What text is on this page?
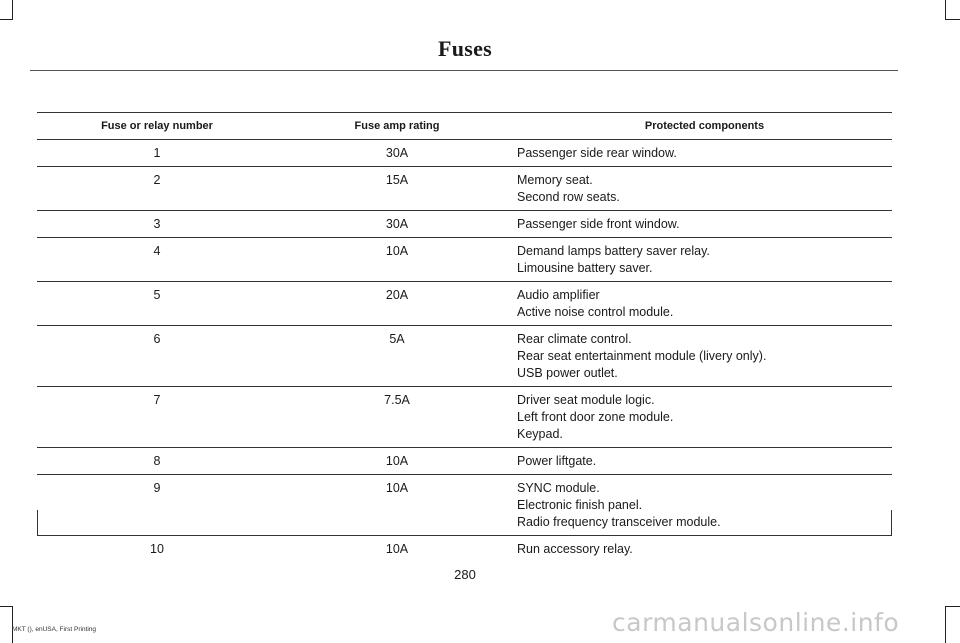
Fuses
Fuse or relay number	Fuse amp rating	Protected components
1	30A	Passenger side rear window.
2	15A	Memory seat.
Second row seats.
3	30A	Passenger side front window.
4	10A	Demand lamps battery saver relay.
Limousine battery saver.
5	20A	Audio amplifier
Active noise control module.
6	5A	Rear climate control.
Rear seat entertainment module (livery only).
USB power outlet.
7	7.5A	Driver seat module logic.
Left front door zone module.
Keypad.
8	10A	Power liftgate.
9	10A	SYNC module.
Electronic finish panel.
Radio frequency transceiver module.
10	10A	Run accessory relay.
280
MKT (), enUSA, First Printing	carmanualsonline.info
